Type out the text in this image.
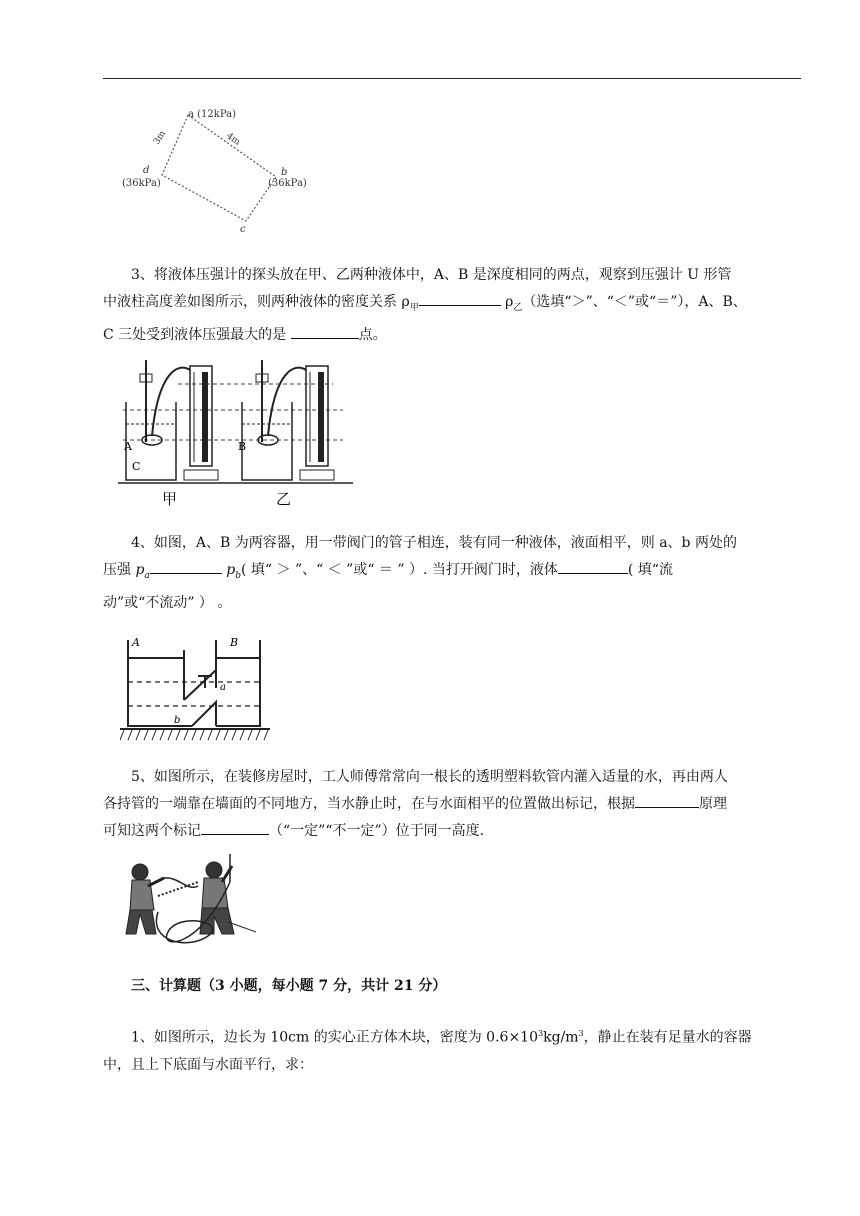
a (12kPa)
d
(36kPa)
b
(36kPa)
c
3m	4m

3、将液体压强计的探头放在甲、乙两种液体中，A、B 是深度相同的两点，观察到压强计 U 形管

中液柱高度差如图所示，则两种液体的密度关系 $\rho_甲$	$\rho_乙$（选填“＞”、“＜”或“＝”），A、B、

C 三处受到液体压强最大的是	点。

A	B
C
甲	乙

4、如图，A、B 为两容器，用一带阀门的管子相连，装有同一种液体，液面相平，则 a、b 两处的

压强 $p_a$	$p_b$( 填“ ＞ ”、“ ＜ ”或“ ＝ ” ）. 当打开阀门时，液体	( 填“流

动”或“不流动” ） 。

A	B
a
b

5、如图所示，在装修房屋时，工人师傅常常向一根长的透明塑料软管内灌入适量的水，再由两人

各持管的一端靠在墙面的不同地方，当水静止时，在与水面相平的位置做出标记，根据	原理

可知这两个标记	（“一定”“不一定”）位于同一高度.

三、计算题（3 小题，每小题 7 分，共计 21 分）

1、如图所示，边长为 10cm 的实心正方体木块，密度为 $0.6\times 10^3kg/m^3$，静止在装有足量水的容器

中，且上下底面与水面平行，求：
